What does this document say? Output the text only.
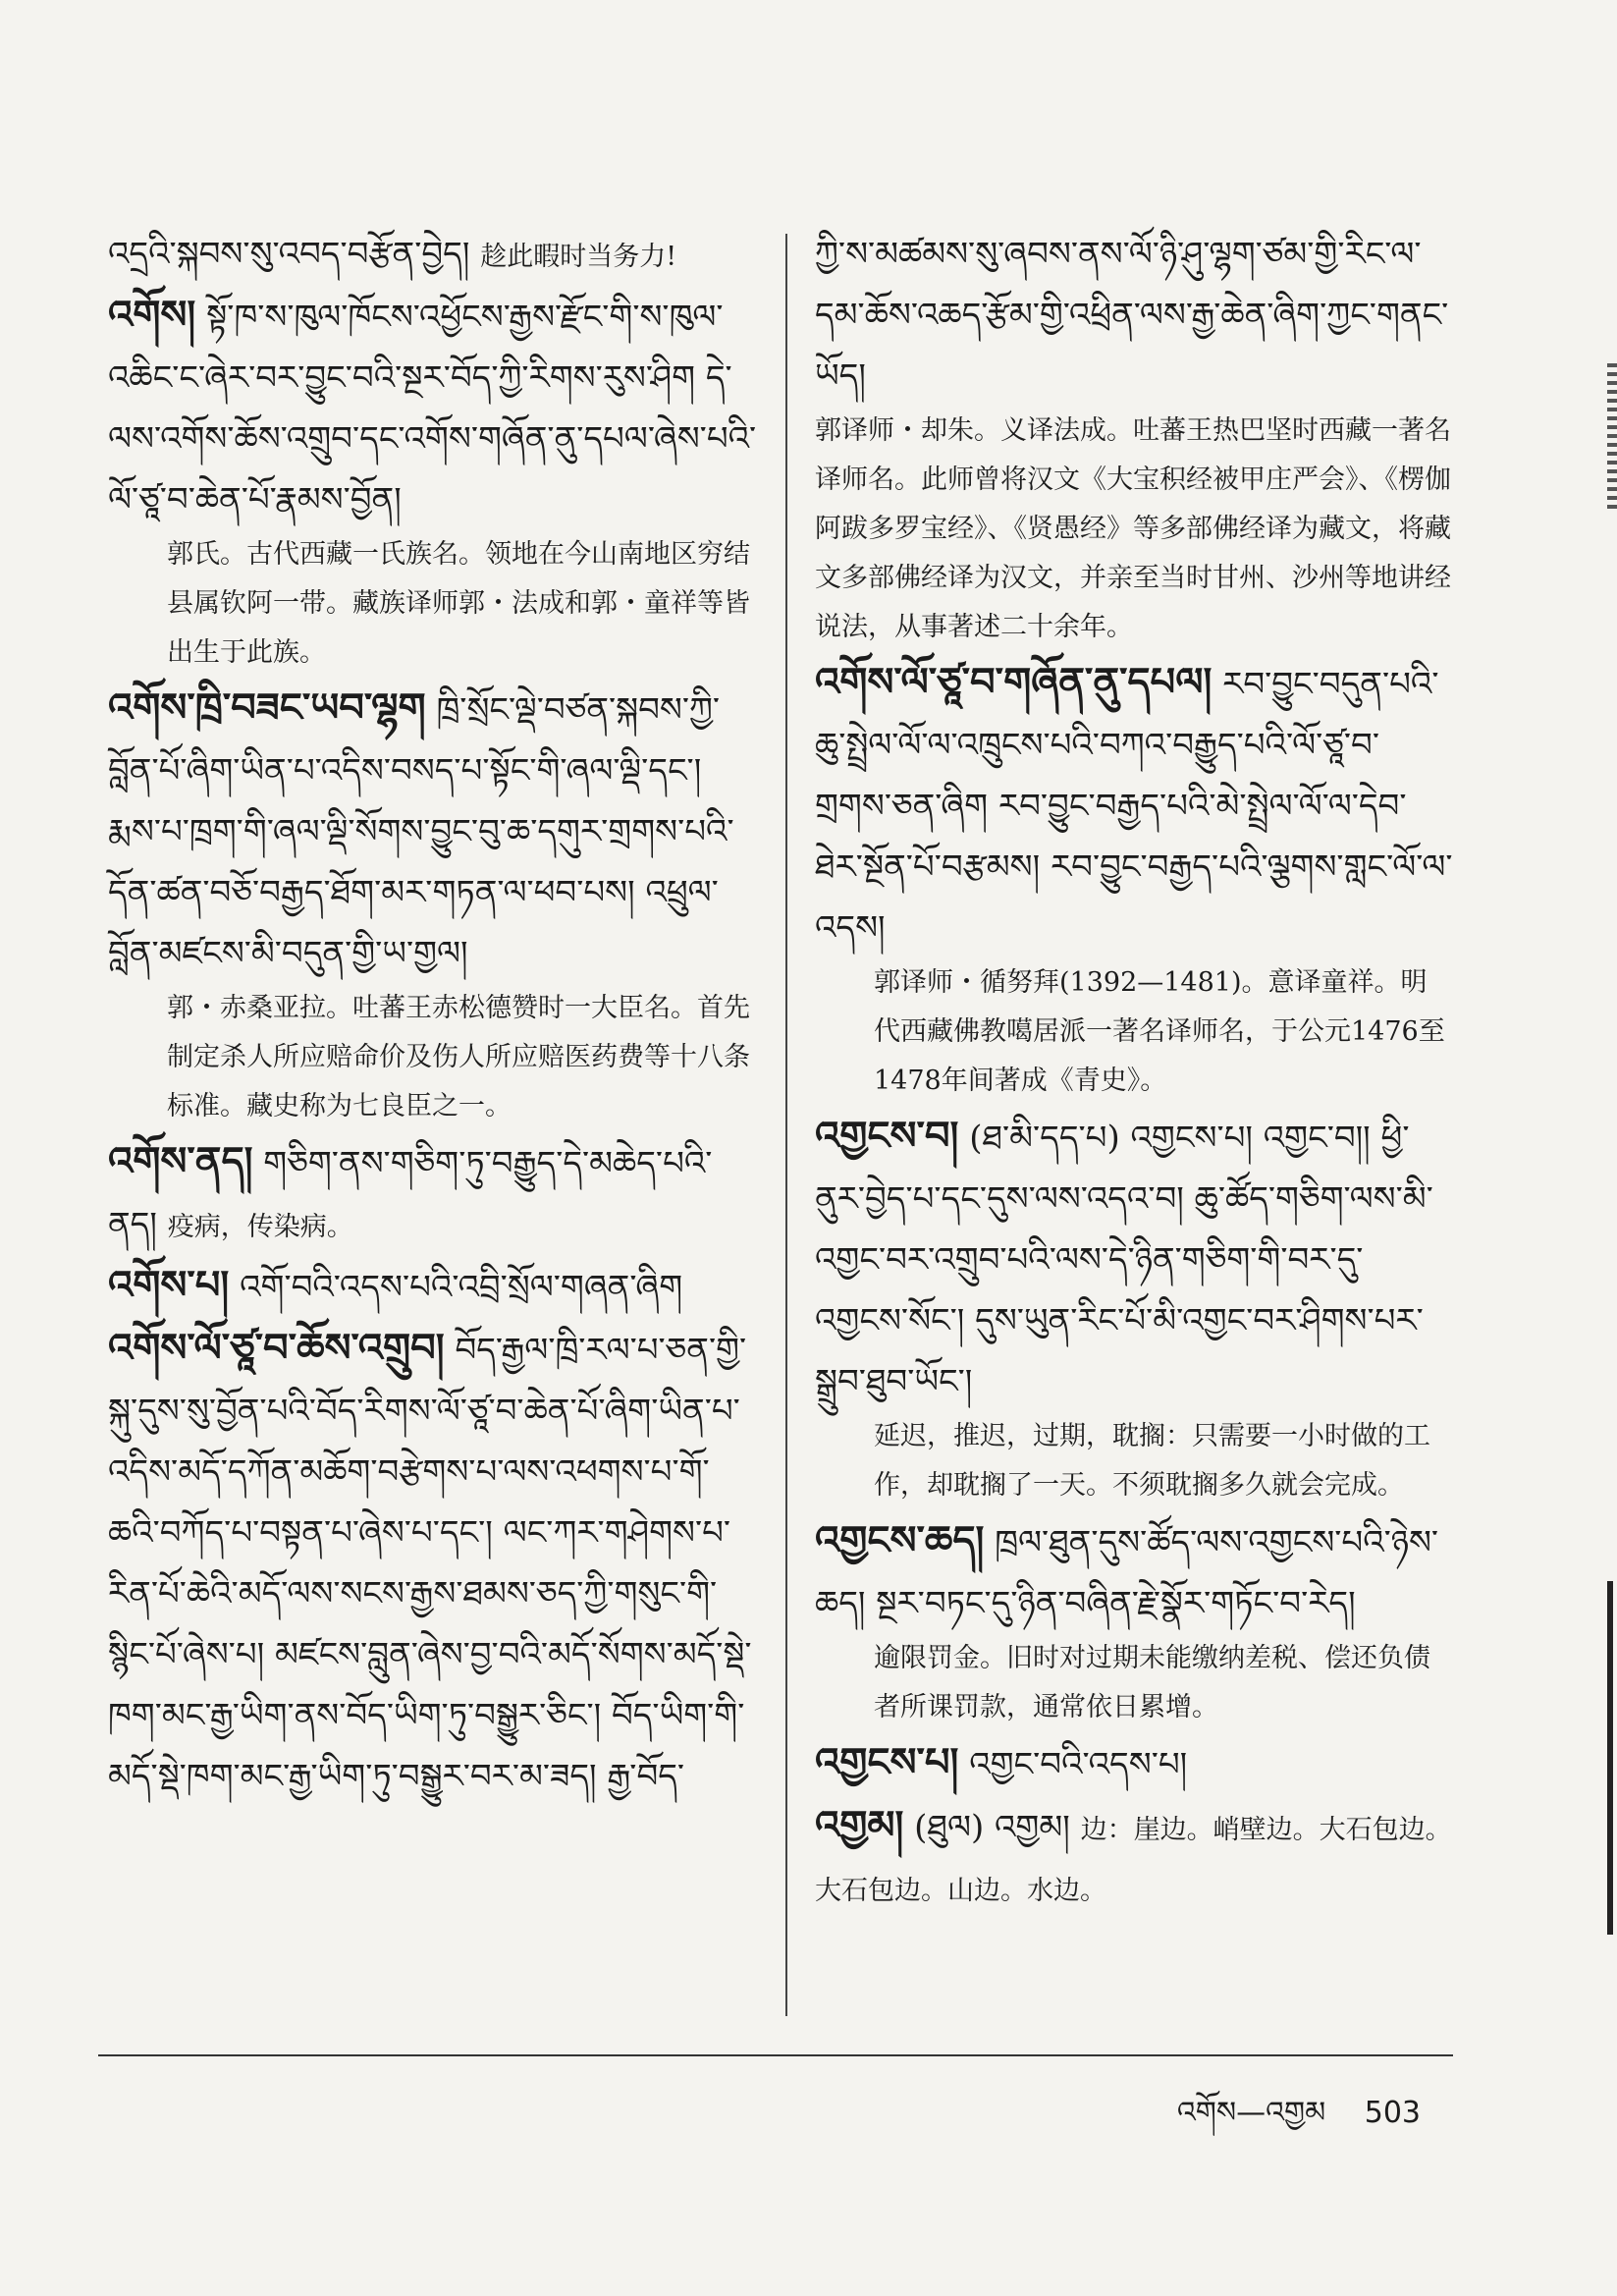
འདྲའི་སྐབས་སུ་འབད་བརྩོན་བྱེད། 趁此暇时当务力!
འགོས། སྟོ་ཁ་ས་ཁུལ་ཁོངས་འཕྱོངས་རྒྱས་རྫོང་གི་ས་ཁུལ་འཆིང་ང་ཞེར་བར་བྱུང་བའི་སྔར་བོད་ཀྱི་རིགས་རུས་ཤིག དེ་ལས་འགོས་ཆོས་འགྲུབ་དང་འགོས་གཞོན་ནུ་དཔལ་ཞེས་པའི་ལོ་ཙཱ་བ་ཆེན་པོ་རྣམས་བྱོན།
郭氏。古代西藏一氏族名。领地在今山南地区穷结县属钦阿一带。藏族译师郭・法成和郭・童祥等皆出生于此族。
འགོས་ཁྲི་བཟང་ཡབ་ལྷག ཁྲི་སྲོང་ལྡེ་བཙན་སྐབས་ཀྱི་བློན་པོ་ཞིག་ཡིན་པ་འདིས་བསད་པ་སྟོང་གི་ཞལ་ལྡི་དང་། རྨས་པ་ཁྲག་གི་ཞལ་ལྡི་སོགས་བྱུང་བུ་ཆ་དགུར་གྲགས་པའི་དོན་ཚན་བཅོ་བརྒྱད་ཐོག་མར་གཏན་ལ་ཕབ་པས། འཕྲུལ་བློན་མཛངས་མི་བདུན་གྱི་ཡ་གྱལ།
郭・赤桑亚拉。吐蕃王赤松德赞时一大臣名。首先制定杀人所应赔命价及伤人所应赔医药费等十八条标准。藏史称为七良臣之一。
འགོས་ནད། གཅིག་ནས་གཅིག་ཏུ་བརྒྱུད་དེ་མཆེད་པའི་ནད། 疫病，传染病。
འགོས་པ། འགོ་བའི་འདས་པའི་འབྲི་སྲོལ་གཞན་ཞིག
འགོས་ལོ་ཙཱ་བ་ཆོས་འགྲུབ། བོད་རྒྱལ་ཁྲི་རལ་པ་ཅན་གྱི་སྐུ་དུས་སུ་བྱོན་པའི་བོད་རིགས་ལོ་ཙཱ་བ་ཆེན་པོ་ཞིག་ཡིན་པ་འདིས་མདོ་དཀོན་མཆོག་བརྩེགས་པ་ལས་འཕགས་པ་གོ་ཆའི་བཀོད་པ་བསྟན་པ་ཞེས་པ་དང་། ལང་ཀར་གཤེགས་པ་རིན་པོ་ཆེའི་མདོ་ལས་སངས་རྒྱས་ཐམས་ཅད་ཀྱི་གསུང་གི་སྙིང་པོ་ཞེས་པ། མཛངས་བླུན་ཞེས་བྱ་བའི་མདོ་སོགས་མདོ་སྡེ་ཁག་མང་རྒྱ་ཡིག་ནས་བོད་ཡིག་ཏུ་བསྒྱུར་ཅིང་། བོད་ཡིག་གི་མདོ་སྡེ་ཁག་མང་རྒྱ་ཡིག་ཏུ་བསྒྱུར་བར་མ་ཟད། རྒྱ་བོད་
ཀྱི་ས་མཚམས་སུ་ཞབས་ནས་ལོ་ཉི་ཤུ་ལྷག་ཙམ་གྱི་རིང་ལ་དམ་ཆོས་འཆད་རྩོམ་གྱི་འཕྲིན་ལས་རྒྱ་ཆེན་ཞིག་ཀྱང་གནང་ཡོད།
郭译师・却朱。义译法成。吐蕃王热巴坚时西藏一著名译师名。此师曾将汉文《大宝积经被甲庄严会》、《楞伽阿跋多罗宝经》、《贤愚经》等多部佛经译为藏文，将藏文多部佛经译为汉文，并亲至当时甘州、沙州等地讲经说法，从事著述二十余年。
འགོས་ལོ་ཙཱ་བ་གཞོན་ནུ་དཔལ། རབ་བྱུང་བདུན་པའི་ཆུ་སྤྲེལ་ལོ་ལ་འཁྲུངས་པའི་བཀའ་བརྒྱུད་པའི་ལོ་ཙཱ་བ་གྲགས་ཅན་ཞིག རབ་བྱུང་བརྒྱད་པའི་མེ་སྤྲེལ་ལོ་ལ་དེབ་ཐེར་སྔོན་པོ་བརྩམས། རབ་བྱུང་བརྒྱད་པའི་ལྕགས་གླང་ལོ་ལ་འདས།
郭译师・循努拜(1392—1481)。意译童祥。明代西藏佛教噶居派一著名译师名，于公元1476至1478年间著成《青史》。
འགྱངས་བ། (ཐ་མི་དད་པ) འགྱངས་པ། འགྱང་བ།། ཕྱི་ནུར་བྱེད་པ་དང་དུས་ལས་འདའ་བ། ཆུ་ཚོད་གཅིག་ལས་མི་འགྱང་བར་འགྲུབ་པའི་ལས་དེ་ཉིན་གཅིག་གི་བར་དུ་འགྱངས་སོང་། དུས་ཡུན་རིང་པོ་མི་འགྱང་བར་ཤིགས་པར་སྒྲུབ་ཐུབ་ཡོང་།
延迟，推迟，过期，耽搁：只需要一小时做的工作，却耽搁了一天。不须耽搁多久就会完成。
འགྱངས་ཆད། ཁྲལ་ཐུན་དུས་ཚོད་ལས་འགྱངས་པའི་ཉེས་ཆད། སྔར་བཏང་དུ་ཉིན་བཞིན་རྗེ་སྣོར་གཏོང་བ་རེད།
逾限罚金。旧时对过期未能缴纳差税、偿还负债者所课罚款，通常依日累增。
འགྱངས་པ། འགྱང་བའི་འདས་པ།
འགྱམ། (ཐུལ) འགྱམ། 边：崖边。峭壁边。大石包边。大石包边。山边。水边。
འགོས—འགྱམ 503
